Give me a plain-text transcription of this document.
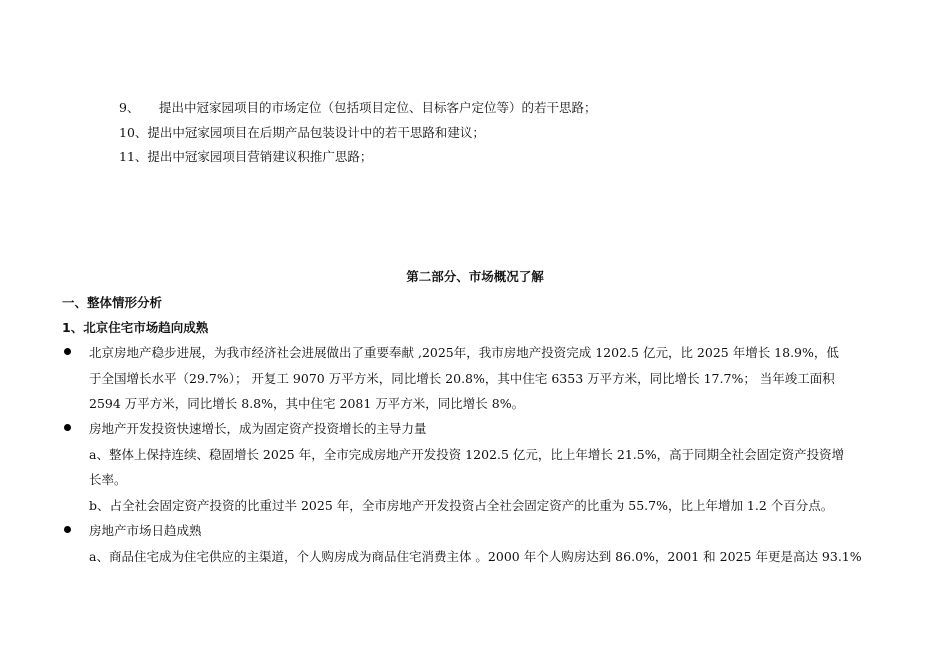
9、 提出中冠家园项目的市场定位（包括项目定位、目标客户定位等）的若干思路；
10、提出中冠家园项目在后期产品包装设计中的若干思路和建议；
11、提出中冠家园项目营销建议积推广思路；
第二部分、市场概况了解
一、整体情形分析
1、北京住宅市场趋向成熟
北京房地产稳步进展，为我市经济社会进展做出了重要奉献 ,2025年，我市房地产投资完成 1202.5 亿元，比 2025 年增长 18.9%，低
于全国增长水平（29.7%）； 开复工 9070 万平方米，同比增长 20.8%，其中住宅 6353 万平方米，同比增长 17.7%； 当年竣工面积
2594 万平方米，同比增长 8.8%，其中住宅 2081 万平方米，同比增长 8%。
房地产开发投资快速增长，成为固定资产投资增长的主导力量
a、整体上保持连续、稳固增长 2025 年，全市完成房地产开发投资 1202.5 亿元，比上年增长 21.5%，高于同期全社会固定资产投资增
长率。
b、占全社会固定资产投资的比重过半 2025 年，全市房地产开发投资占全社会固定资产的比重为 55.7%，比上年增加 1.2 个百分点。
房地产市场日趋成熟
a、商品住宅成为住宅供应的主渠道，个人购房成为商品住宅消费主体 。2000 年个人购房达到 86.0%，2001 和 2025 年更是高达 93.1%
